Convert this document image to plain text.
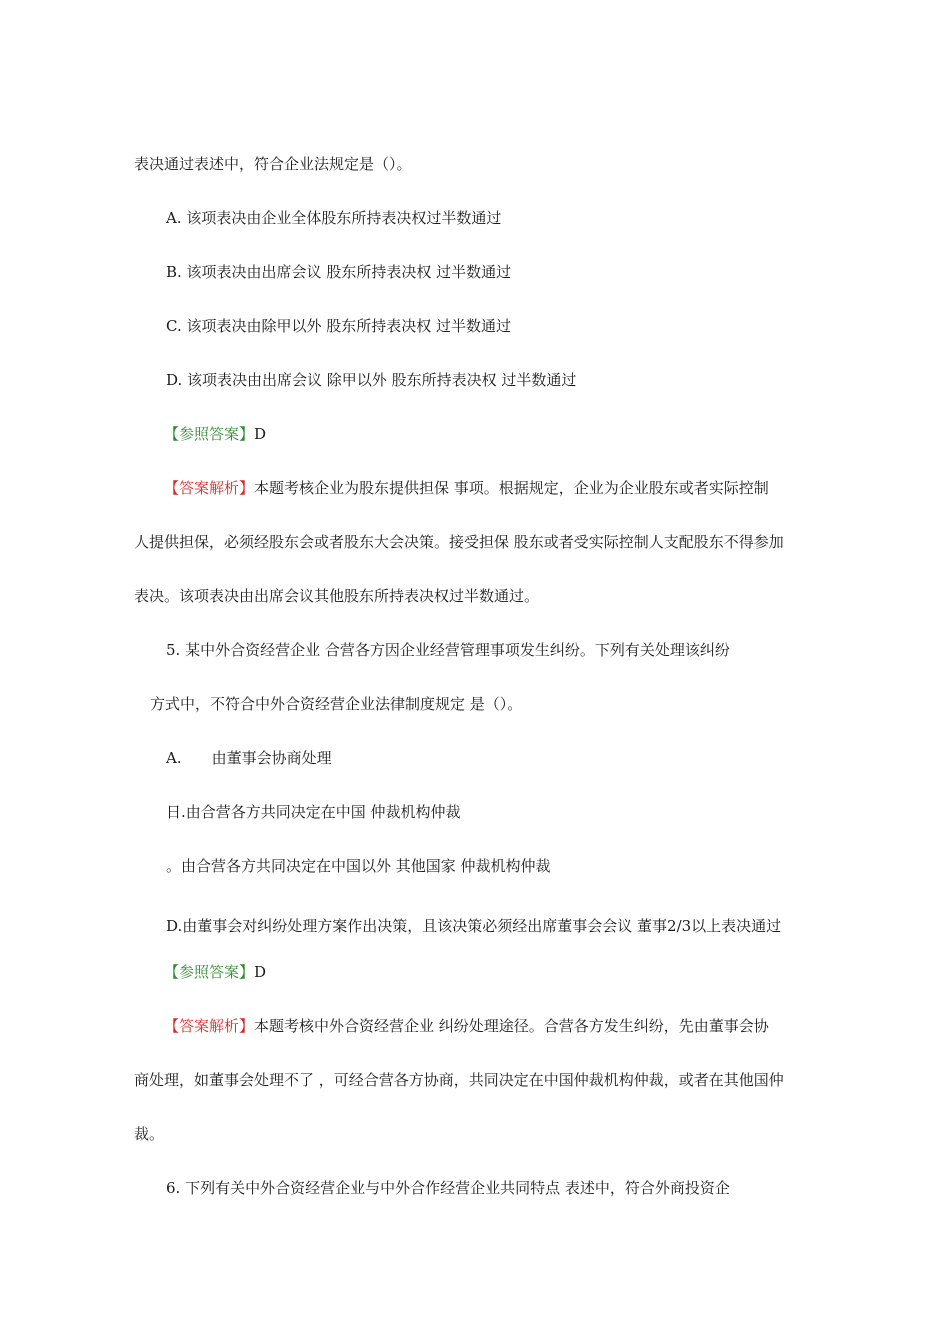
表决通过表述中，符合企业法规定是（）。
A. 该项表决由企业全体股东所持表决权过半数通过
B. 该项表决由出席会议 股东所持表决权 过半数通过
C. 该项表决由除甲以外 股东所持表决权 过半数通过
D. 该项表决由出席会议 除甲以外 股东所持表决权 过半数通过
【参照答案】D
【答案解析】本题考核企业为股东提供担保 事项。根据规定，企业为企业股东或者实际控制
人提供担保，必须经股东会或者股东大会决策。接受担保 股东或者受实际控制人支配股东不得参加
表决。该项表决由出席会议其他股东所持表决权过半数通过。
5. 某中外合资经营企业 合营各方因企业经营管理事项发生纠纷。下列有关处理该纠纷
方式中，不符合中外合资经营企业法律制度规定 是（）。
A. 由董事会协商处理
日.由合营各方共同决定在中国 仲裁机构仲裁
。由合营各方共同决定在中国以外 其他国家 仲裁机构仲裁
D.由董事会对纠纷处理方案作出决策，且该决策必须经出席董事会会议 董事2/3以上表决通过
【参照答案】D
【答案解析】本题考核中外合资经营企业 纠纷处理途径。合营各方发生纠纷，先由董事会协
商处理，如董事会处理不了 ，可经合营各方协商，共同决定在中国仲裁机构仲裁，或者在其他国仲
裁。
6. 下列有关中外合资经营企业与中外合作经营企业共同特点 表述中，符合外商投资企
